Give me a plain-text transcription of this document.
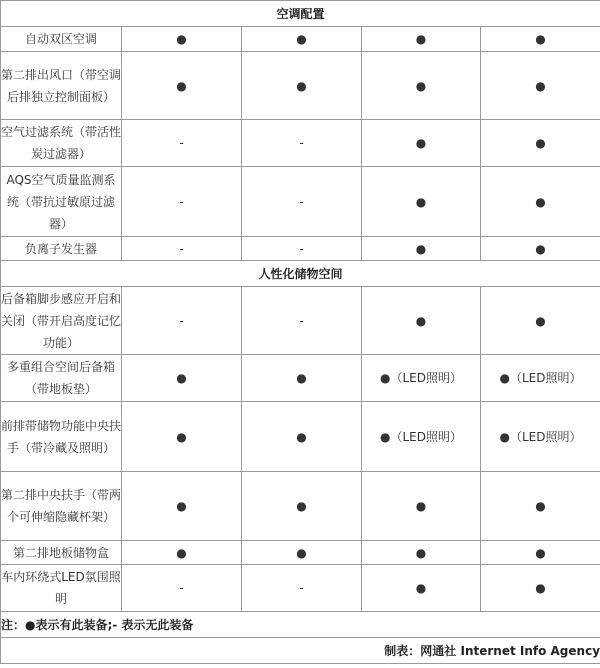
空调配置				
自动双区空调	●	●	●	●
第二排出风口（带空调后排独立控制面板）	●	●	●	●
空气过滤系统（带活性炭过滤器）	-	-	●	●
AQS空气质量监测系统（带抗过敏原过滤器）	-	-	●	●
负离子发生器	-	-	●	●
人性化储物空间				
后备箱脚步感应开启和关闭（带开启高度记忆功能）	-	-	●	●
多重组合空间后备箱（带地板垫）	●	●	●（LED照明）	●（LED照明）
前排带储物功能中央扶手（带冷藏及照明）	●	●	●（LED照明）	●（LED照明）
第二排中央扶手（带两个可伸缩隐藏杯架）	●	●	●	●
第二排地板储物盒	●	●	●	●
车内环绕式LED氛围照明	-	-	●	●
注：●表示有此装备;- 表示无此装备				
制表：网通社 Internet Info Agency				
